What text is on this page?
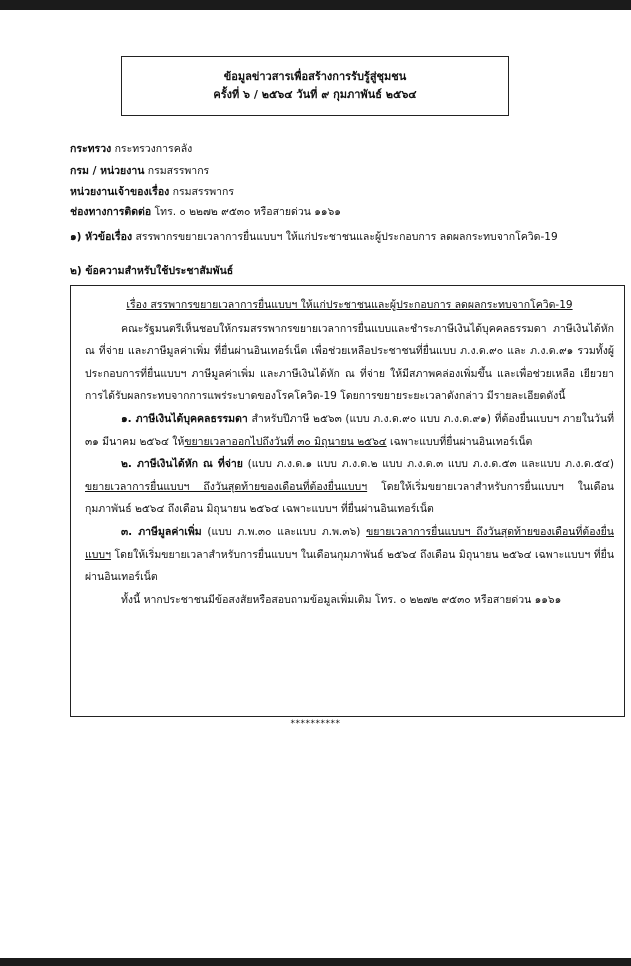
ข้อมูลข่าวสารเพื่อสร้างการรับรู้สู่ชุมชน
ครั้งที่ ๖ / ๒๕๖๔ วันที่ ๙ กุมภาพันธ์ ๒๕๖๔
กระทรวง กระทรวงการคลัง
กรม / หน่วยงาน กรมสรรพากร
หน่วยงานเจ้าของเรื่อง กรมสรรพากร
ช่องทางการติดต่อ โทร. ๐ ๒๒๗๒ ๙๕๓๐ หรือสายด่วน ๑๑๖๑
๑) หัวข้อเรื่อง สรรพากรขยายเวลาการยื่นแบบฯ ให้แก่ประชาชนและผู้ประกอบการ ลดผลกระทบจากโควิด-19
๒) ข้อความสำหรับใช้ประชาสัมพันธ์

เรื่อง สรรพากรขยายเวลาการยื่นแบบฯ ให้แก่ประชาชนและผู้ประกอบการ ลดผลกระทบจากโควิด-19

คณะรัฐมนตรีเห็นชอบให้กรมสรรพากรขยายเวลาการยื่นแบบและชำระภาษีเงินได้บุคคลธรรมดา ภาษีเงินได้หัก ณ ที่จ่าย และภาษีมูลค่าเพิ่ม ที่ยื่นผ่านอินเทอร์เน็ต เพื่อช่วยเหลือประชาชนที่ยื่นแบบ ภ.ง.ด.๙๐ และ ภ.ง.ด.๙๑ รวมทั้งผู้ประกอบการที่ยื่นแบบฯ ภาษีมูลค่าเพิ่ม และภาษีเงินได้หัก ณ ที่จ่าย ให้มีสภาพคล่องเพิ่มขึ้น และเพื่อช่วยเหลือ เยียวยาการได้รับผลกระทบจากการแพร่ระบาดของโรคโควิด-19 โดยการขยายระยะเวลาดังกล่าว มีรายละเอียดดังนี้

๑. ภาษีเงินได้บุคคลธรรมดา สำหรับปีภาษี ๒๕๖๓ (แบบ ภ.ง.ด.๙๐ แบบ ภ.ง.ด.๙๑) ที่ต้องยื่นแบบฯ ภายในวันที่ ๓๑ มีนาคม ๒๕๖๔ ให้ขยายเวลาออกไปถึงวันที่ ๓๐ มิถุนายน ๒๕๖๔ เฉพาะแบบที่ยื่นผ่านอินเทอร์เน็ต

๒. ภาษีเงินได้หัก ณ ที่จ่าย (แบบ ภ.ง.ด.๑ แบบ ภ.ง.ด.๒ แบบ ภ.ง.ด.๓ แบบ ภ.ง.ด.๕๓ และแบบ ภ.ง.ด.๕๔) ขยายเวลาการยื่นแบบฯ ถึงวันสุดท้ายของเดือนที่ต้องยื่นแบบฯ โดยให้เริ่มขยายเวลาสำหรับการยื่นแบบฯ ในเดือนกุมภาพันธ์ ๒๕๖๔ ถึงเดือน มิถุนายน ๒๕๖๔ เฉพาะแบบฯ ที่ยื่นผ่านอินเทอร์เน็ต

๓. ภาษีมูลค่าเพิ่ม (แบบ ภ.พ.๓๐ และแบบ ภ.พ.๓๖) ขยายเวลาการยื่นแบบฯ ถึงวันสุดท้ายของเดือนที่ต้องยื่นแบบฯ โดยให้เริ่มขยายเวลาสำหรับการยื่นแบบฯ ในเดือนกุมภาพันธ์ ๒๕๖๔ ถึงเดือน มิถุนายน ๒๕๖๔ เฉพาะแบบฯ ที่ยื่นผ่านอินเทอร์เน็ต

ทั้งนี้ หากประชาชนมีข้อสงสัยหรือสอบถามข้อมูลเพิ่มเติม โทร. ๐ ๒๒๗๒ ๙๕๓๐ หรือสายด่วน ๑๑๖๑

**********
